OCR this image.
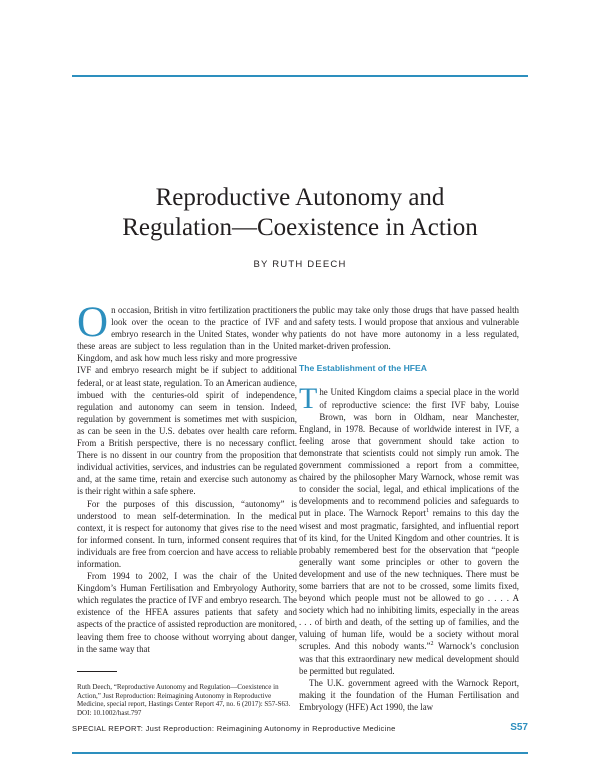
Reproductive Autonomy and
Regulation—Coexistence in Action
BY RUTH DEECH

On occasion, British in vitro fertilization practitioners look over the ocean to the practice of IVF and embryo research in the United States, wonder why these areas are subject to less regulation than in the United Kingdom, and ask how much less risky and more progressive IVF and embryo research might be if subject to additional federal, or at least state, regulation. To an American audience, imbued with the centuries-old spirit of independence, regulation and autonomy can seem in tension. Indeed, regulation by government is sometimes met with suspicion, as can be seen in the U.S. debates over health care reform. From a British perspective, there is no necessary conflict. There is no dissent in our country from the proposition that individual activities, services, and industries can be regulated and, at the same time, retain and exercise such autonomy as is their right within a safe sphere.

For the purposes of this discussion, “autonomy” is understood to mean self-determination. In the medical context, it is respect for autonomy that gives rise to the need for informed consent. In turn, informed consent requires that individuals are free from coercion and have access to reliable information.

From 1994 to 2002, I was the chair of the United Kingdom’s Human Fertilisation and Embryology Authority, which regulates the practice of IVF and embryo research. The existence of the HFEA assures patients that safety and aspects of the practice of assisted reproduction are monitored, leaving them free to choose without worrying about danger, in the same way that

the public may take only those drugs that have passed health and safety tests. I would propose that anxious and vulnerable patients do not have more autonomy in a less regulated, market-driven profession.

The Establishment of the HFEA

The United Kingdom claims a special place in the world of reproductive science: the first IVF baby, Louise Brown, was born in Oldham, near Manchester, England, in 1978. Because of worldwide interest in IVF, a feeling arose that government should take action to demonstrate that scientists could not simply run amok. The government commissioned a report from a committee, chaired by the philosopher Mary Warnock, whose remit was to consider the social, legal, and ethical implications of the developments and to recommend policies and safeguards to put in place. The Warnock Report$^1$ remains to this day the wisest and most pragmatic, farsighted, and influential report of its kind, for the United Kingdom and other countries. It is probably remembered best for the observation that “people generally want some principles or other to govern the development and use of the new techniques. There must be some barriers that are not to be crossed, some limits fixed, beyond which people must not be allowed to go . . . . A society which had no inhibiting limits, especially in the areas . . . of birth and death, of the setting up of families, and the valuing of human life, would be a society without moral scruples. And this nobody wants.”$^2$ Warnock’s conclusion was that this extraordinary new medical development should be permitted but regulated.

The U.K. government agreed with the Warnock Report, making it the foundation of the Human Fertilisation and Embryology (HFE) Act 1990, the law

Ruth Deech, “Reproductive Autonomy and Regulation—Coexistence in Action,” Just Reproduction: Reimagining Autonomy in Reproductive Medicine, special report, Hastings Center Report 47, no. 6 (2017): S57-S63. DOI: 10.1002/hast.797
SPECIAL REPORT: Just Reproduction: Reimagining Autonomy in Reproductive Medicine	S57
